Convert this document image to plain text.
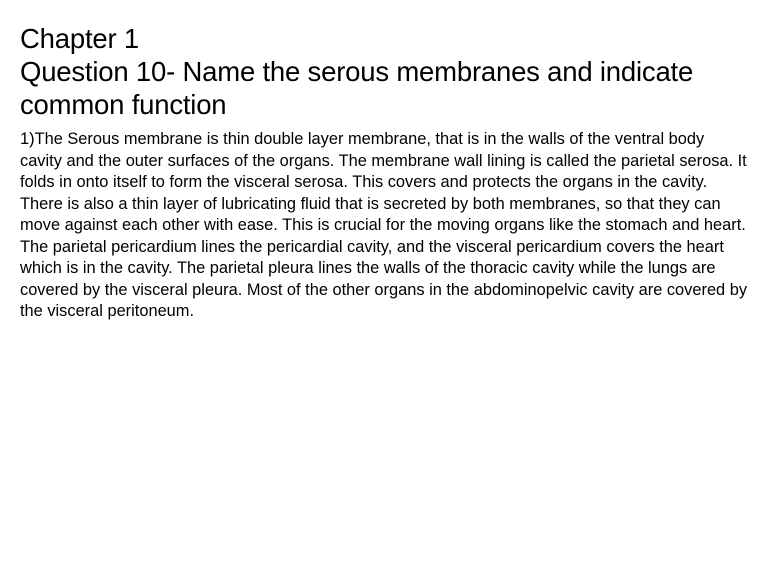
Chapter 1
Question 10- Name the serous membranes and indicate
common function

1)The Serous membrane is thin double layer membrane, that is in the walls of the ventral body cavity and the outer surfaces of the organs. The membrane wall lining is called the parietal serosa. It folds in onto itself to form the visceral serosa. This covers and protects the organs in the cavity. There is also a thin layer of lubricating fluid that is secreted by both membranes, so that they can move against each other with ease. This is crucial for the moving organs like the stomach and heart. The parietal pericardium lines the pericardial cavity, and the visceral pericardium covers the heart which is in the cavity. The parietal pleura lines the walls of the thoracic cavity while the lungs are covered by the visceral pleura. Most of the other organs in the abdominopelvic cavity are covered by the visceral peritoneum.
